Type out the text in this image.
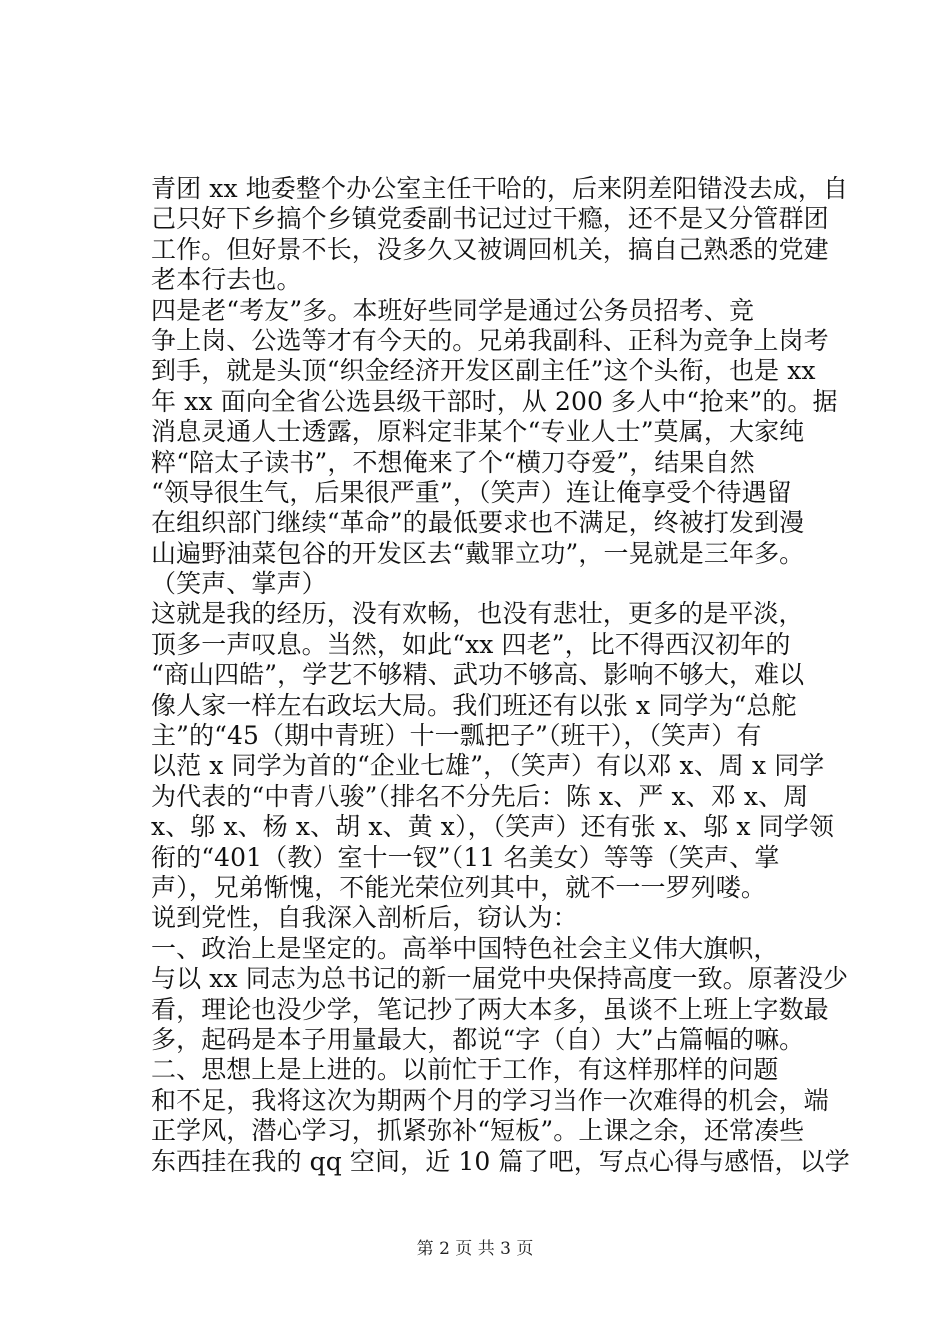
青团 xx 地委整个办公室主任干哈的，后来阴差阳错没去成，自
己只好下乡搞个乡镇党委副书记过过干瘾，还不是又分管群团
工作。但好景不长，没多久又被调回机关，搞自己熟悉的党建
老本行去也。
四是老“考友”多。本班好些同学是通过公务员招考、竞
争上岗、公选等才有今天的。兄弟我副科、正科为竞争上岗考
到手，就是头顶“织金经济开发区副主任”这个头衔，也是 xx
年 xx 面向全省公选县级干部时，从 200 多人中“抢来”的。据
消息灵通人士透露，原料定非某个“专业人士”莫属，大家纯
粹“陪太子读书”，不想俺来了个“横刀夺爱”，结果自然
“领导很生气，后果很严重”，（笑声）连让俺享受个待遇留
在组织部门继续“革命”的最低要求也不满足，终被打发到漫
山遍野油菜包谷的开发区去“戴罪立功”，一晃就是三年多。
（笑声、掌声）
这就是我的经历，没有欢畅，也没有悲壮，更多的是平淡，
顶多一声叹息。当然，如此“xx 四老”，比不得西汉初年的
“商山四皓”，学艺不够精、武功不够高、影响不够大，难以
像人家一样左右政坛大局。我们班还有以张 x 同学为“总舵
主”的“45（期中青班）十一瓢把子”（班干），（笑声）有
以范 x 同学为首的“企业七雄”，（笑声）有以邓 x、周 x 同学
为代表的“中青八骏”（排名不分先后：陈 x、严 x、邓 x、周
x、邬 x、杨 x、胡 x、黄 x），（笑声）还有张 x、邬 x 同学领
衔的“401（教）室十一钗”（11 名美女）等等（笑声、掌
声），兄弟惭愧，不能光荣位列其中，就不一一罗列喽。
说到党性，自我深入剖析后，窃认为：
一、政治上是坚定的。高举中国特色社会主义伟大旗帜，
与以 xx 同志为总书记的新一届党中央保持高度一致。原著没少
看，理论也没少学，笔记抄了两大本多，虽谈不上班上字数最
多，起码是本子用量最大，都说“字（自）大”占篇幅的嘛。
二、思想上是上进的。以前忙于工作，有这样那样的问题
和不足，我将这次为期两个月的学习当作一次难得的机会，端
正学风，潜心学习，抓紧弥补“短板”。上课之余，还常凑些
东西挂在我的 qq 空间，近 10 篇了吧，写点心得与感悟，以学
第 2 页 共 3 页
